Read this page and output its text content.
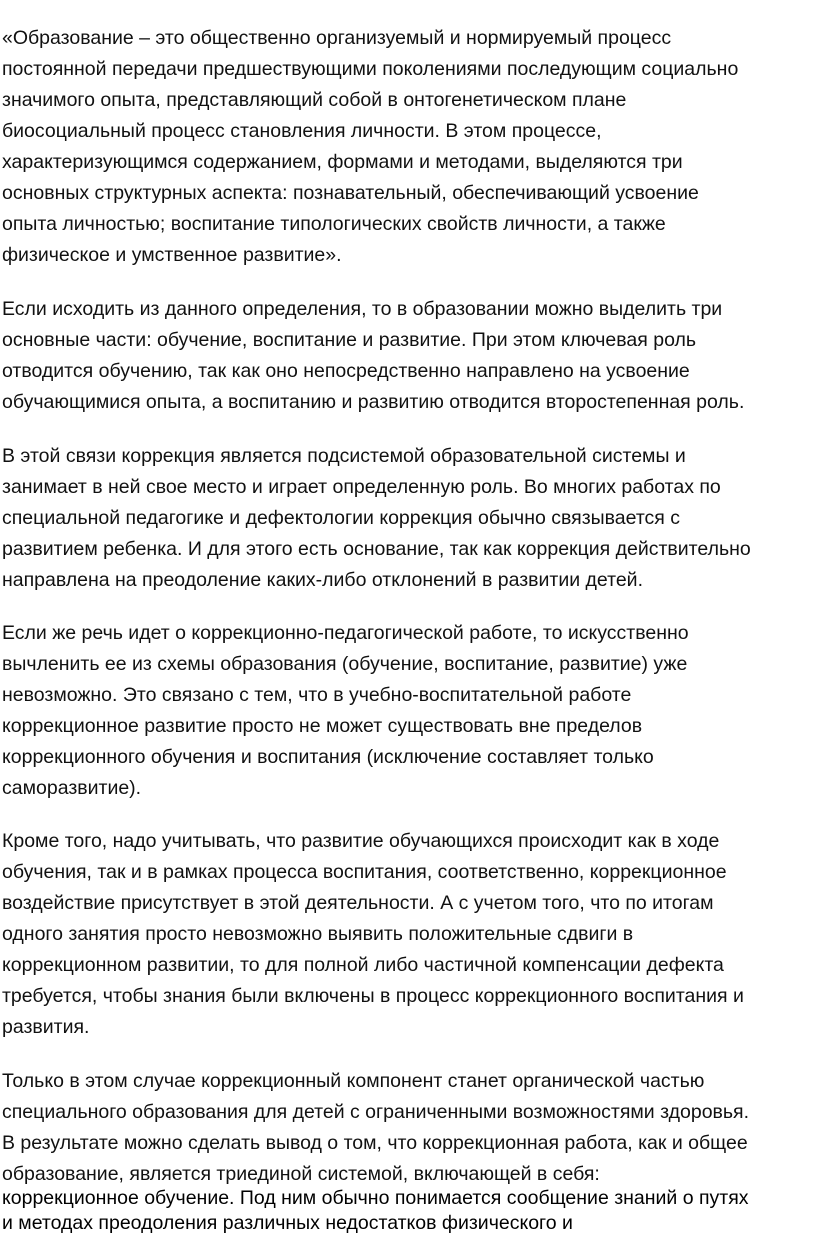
«Образование – это общественно организуемый и нормируемый процесс
постоянной передачи предшествующими поколениями последующим социально
значимого опыта, представляющий собой в онтогенетическом плане
биосоциальный процесс становления личности. В этом процессе,
характеризующимся содержанием, формами и методами, выделяются три
основных структурных аспекта: познавательный, обеспечивающий усвоение
опыта личностью; воспитание типологических свойств личности, а также
физическое и умственное развитие».

Если исходить из данного определения, то в образовании можно выделить три
основные части: обучение, воспитание и развитие. При этом ключевая роль
отводится обучению, так как оно непосредственно направлено на усвоение
обучающимися опыта, а воспитанию и развитию отводится второстепенная роль.

В этой связи коррекция является подсистемой образовательной системы и
занимает в ней свое место и играет определенную роль. Во многих работах по
специальной педагогике и дефектологии коррекция обычно связывается с
развитием ребенка. И для этого есть основание, так как коррекция действительно
направлена на преодоление каких-либо отклонений в развитии детей.

Если же речь идет о коррекционно-педагогической работе, то искусственно
вычленить ее из схемы образования (обучение, воспитание, развитие) уже
невозможно. Это связано с тем, что в учебно-воспитательной работе
коррекционное развитие просто не может существовать вне пределов
коррекционного обучения и воспитания (исключение составляет только
саморазвитие).

Кроме того, надо учитывать, что развитие обучающихся происходит как в ходе
обучения, так и в рамках процесса воспитания, соответственно, коррекционное
воздействие присутствует в этой деятельности. А с учетом того, что по итогам
одного занятия просто невозможно выявить положительные сдвиги в
коррекционном развитии, то для полной либо частичной компенсации дефекта
требуется, чтобы знания были включены в процесс коррекционного воспитания и
развития.

Только в этом случае коррекционный компонент станет органической частью
специального образования для детей с ограниченными возможностями здоровья.
В результате можно сделать вывод о том, что коррекционная работа, как и общее
образование, является триединой системой, включающей в себя:

коррекционное обучение. Под ним обычно понимается сообщение знаний о путях
и методах преодоления различных недостатков физического и
